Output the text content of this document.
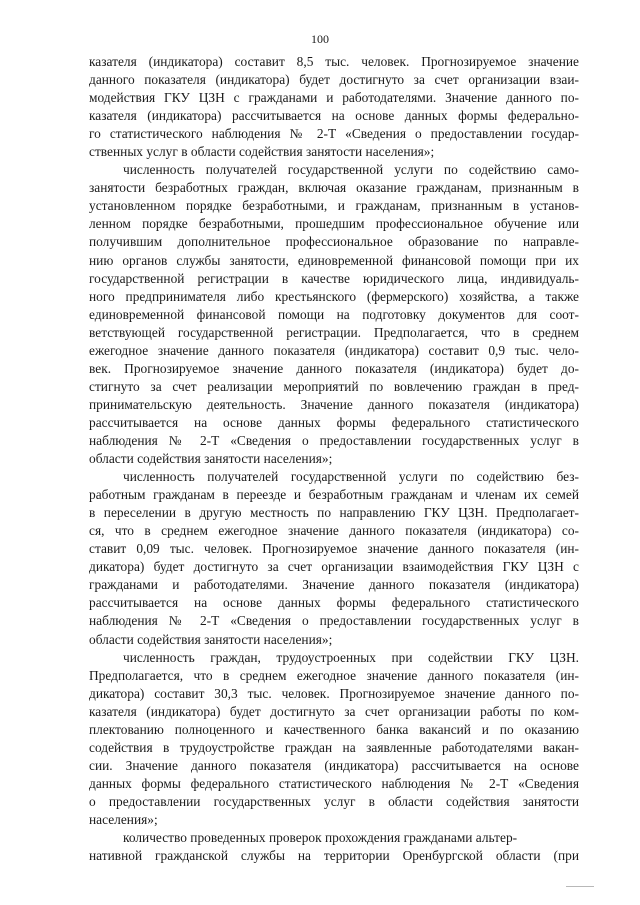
100
казателя (индикатора) составит 8,5 тыс. человек. Прогнозируемое значение
данного показателя (индикатора) будет достигнуто за счет организации взаи-
модействия ГКУ ЦЗН с гражданами и работодателями. Значение данного по-
казателя (индикатора) рассчитывается на основе данных формы федерально-
го статистического наблюдения № 2-Т «Сведения о предоставлении государ-
ственных услуг в области содействия занятости населения»;
численность получателей государственной услуги по содействию само-
занятости безработных граждан, включая оказание гражданам, признанным в
установленном порядке безработными, и гражданам, признанным в установ-
ленном порядке безработными, прошедшим профессиональное обучение или
получившим дополнительное профессиональное образование по направле-
нию органов службы занятости, единовременной финансовой помощи при их
государственной регистрации в качестве юридического лица, индивидуаль-
ного предпринимателя либо крестьянского (фермерского) хозяйства, а также
единовременной финансовой помощи на подготовку документов для соот-
ветствующей государственной регистрации. Предполагается, что в среднем
ежегодное значение данного показателя (индикатора) составит 0,9 тыс. чело-
век. Прогнозируемое значение данного показателя (индикатора) будет до-
стигнуто за счет реализации мероприятий по вовлечению граждан в пред-
принимательскую деятельность. Значение данного показателя (индикатора)
рассчитывается на основе данных формы федерального статистического
наблюдения № 2-Т «Сведения о предоставлении государственных услуг в
области содействия занятости населения»;
численность получателей государственной услуги по содействию без-
работным гражданам в переезде и безработным гражданам и членам их семей
в переселении в другую местность по направлению ГКУ ЦЗН. Предполагает-
ся, что в среднем ежегодное значение данного показателя (индикатора) со-
ставит 0,09 тыс. человек. Прогнозируемое значение данного показателя (ин-
дикатора) будет достигнуто за счет организации взаимодействия ГКУ ЦЗН с
гражданами и работодателями. Значение данного показателя (индикатора)
рассчитывается на основе данных формы федерального статистического
наблюдения № 2-Т «Сведения о предоставлении государственных услуг в
области содействия занятости населения»;
численность граждан, трудоустроенных при содействии ГКУ ЦЗН.
Предполагается, что в среднем ежегодное значение данного показателя (ин-
дикатора) составит 30,3 тыс. человек. Прогнозируемое значение данного по-
казателя (индикатора) будет достигнуто за счет организации работы по ком-
плектованию полноценного и качественного банка вакансий и по оказанию
содействия в трудоустройстве граждан на заявленные работодателями вакан-
сии. Значение данного показателя (индикатора) рассчитывается на основе
данных формы федерального статистического наблюдения № 2-Т «Сведения
о предоставлении государственных услуг в области содействия занятости
населения»;
количество проведенных проверок прохождения гражданами альтер-
нативной гражданской службы на территории Оренбургской области (при
